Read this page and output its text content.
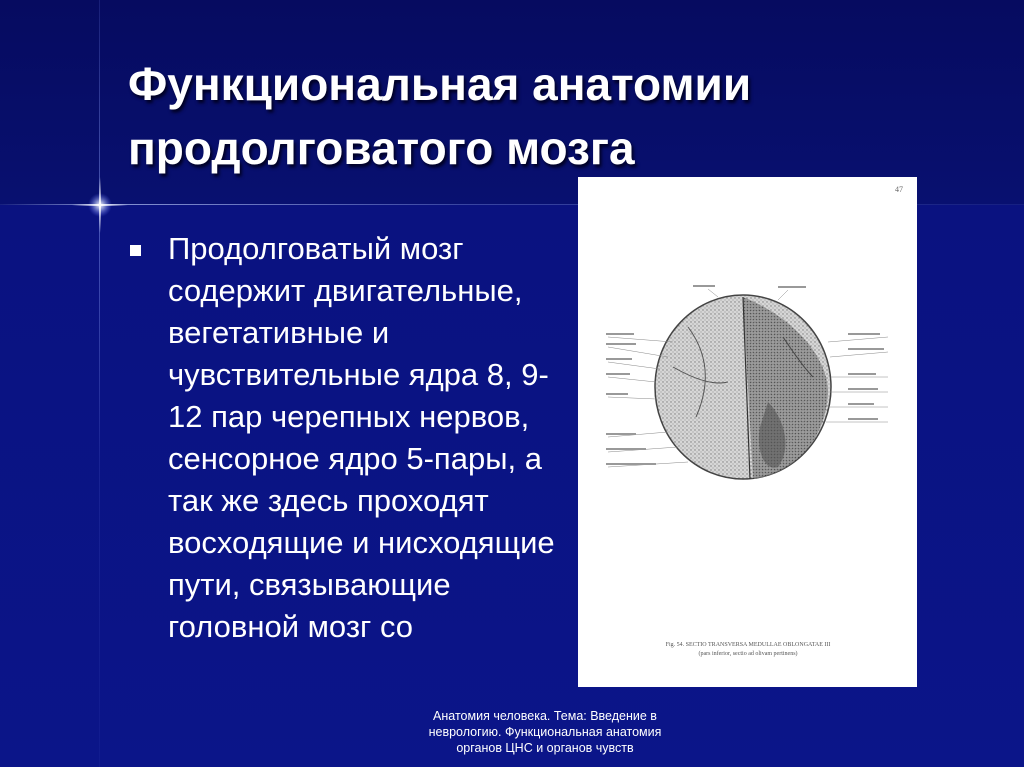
Функциональная анатомии
продолговатого мозга

Продолговатый мозг содержит двигательные, вегетативные и чувствительные ядра 8, 9-12 пар черепных нервов, сенсорное ядро 5-пары, а так же здесь проходят восходящие и нисходящие пути, связывающие головной мозг со

47
Fig. 54. SECTIO TRANSVERSA MEDULLAE OBLONGATAE III
(pars inferior, sectio ad olivam pertinens)
Анатомия человека. Тема: Введение в неврологию. Функциональная анатомия органов ЦНС и органов чувств
